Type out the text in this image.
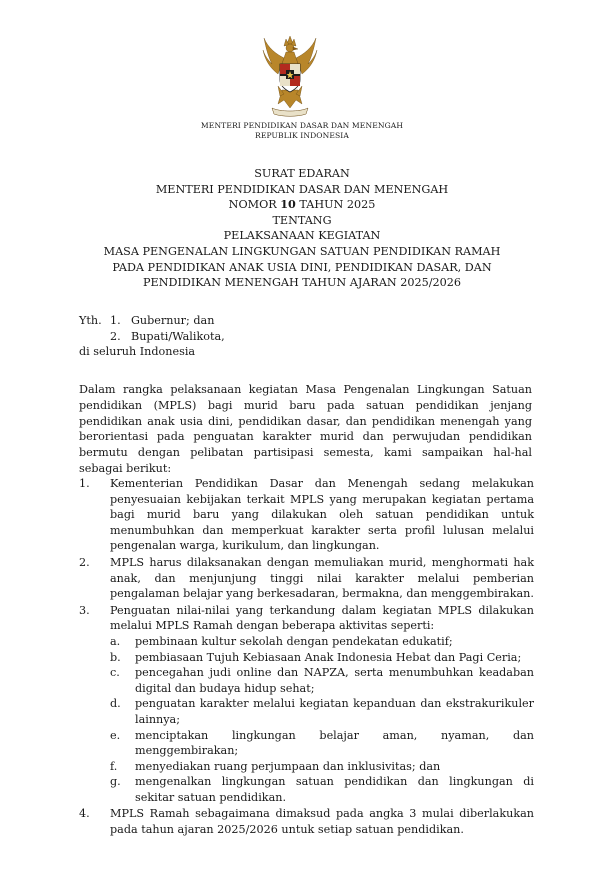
MENTERI PENDIDIKAN DASAR DAN MENENGAH
REPUBLIK INDONESIA
SURAT EDARAN
MENTERI PENDIDIKAN DASAR DAN MENENGAH
NOMOR 10 TAHUN 2025
TENTANG
PELAKSANAAN KEGIATAN
MASA PENGENALAN LINGKUNGAN SATUAN PENDIDIKAN RAMAH
PADA PENDIDIKAN ANAK USIA DINI, PENDIDIKAN DASAR, DAN
PENDIDIKAN MENENGAH TAHUN AJARAN 2025/2026
Yth. 1. Gubernur; dan
2. Bupati/Walikota,
di seluruh Indonesia
Dalam rangka pelaksanaan kegiatan Masa Pengenalan Lingkungan Satuan pendidikan (MPLS) bagi murid baru pada satuan pendidikan jenjang pendidikan anak usia dini, pendidikan dasar, dan pendidikan menengah yang berorientasi pada penguatan karakter murid dan perwujudan pendidikan bermutu dengan pelibatan partisipasi semesta, kami sampaikan hal-hal sebagai berikut:
1.	Kementerian Pendidikan Dasar dan Menengah sedang melakukan penyesuaian kebijakan terkait MPLS yang merupakan kegiatan pertama bagi murid baru yang dilakukan oleh satuan pendidikan untuk menumbuhkan dan memperkuat karakter serta profil lulusan melalui pengenalan warga, kurikulum, dan lingkungan.
2.	MPLS harus dilaksanakan dengan memuliakan murid, menghormati hak anak, dan menjunjung tinggi nilai karakter melalui pemberian pengalaman belajar yang berkesadaran, bermakna, dan menggembirakan.
3.	Penguatan nilai-nilai yang terkandung dalam kegiatan MPLS dilakukan melalui MPLS Ramah dengan beberapa aktivitas seperti:
a.	pembinaan kultur sekolah dengan pendekatan edukatif;
b.	pembiasaan Tujuh Kebiasaan Anak Indonesia Hebat dan Pagi Ceria;
c.	pencegahan judi online dan NAPZA, serta menumbuhkan keadaban digital dan budaya hidup sehat;
d.	penguatan karakter melalui kegiatan kepanduan dan ekstrakurikuler lainnya;
e.	menciptakan lingkungan belajar aman, nyaman, dan menggembirakan;
f.	menyediakan ruang perjumpaan dan inklusivitas; dan
g.	mengenalkan lingkungan satuan pendidikan dan lingkungan di sekitar satuan pendidikan.
4.	MPLS Ramah sebagaimana dimaksud pada angka 3 mulai diberlakukan pada tahun ajaran 2025/2026 untuk setiap satuan pendidikan.
